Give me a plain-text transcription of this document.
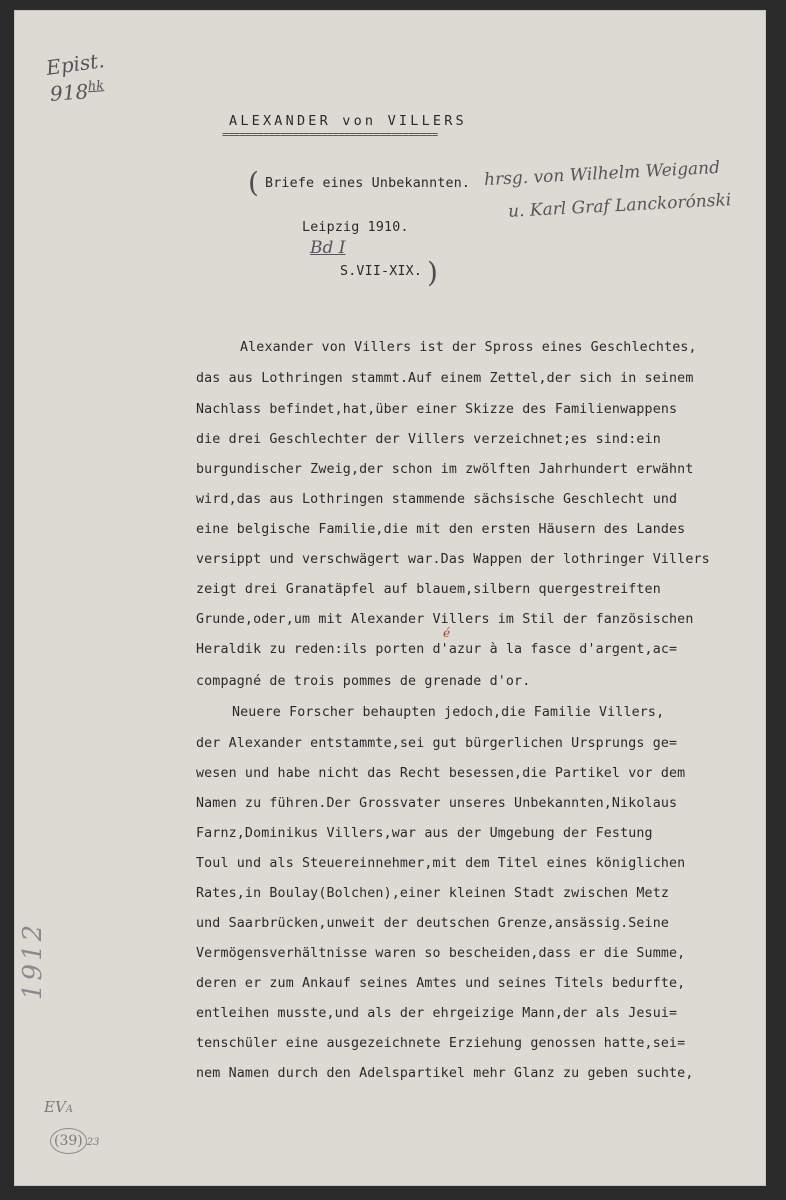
Epist.
$918^{hk}$
1912
EVA
(39) 23
ALEXANDER von VILLERS
=====================================
( Briefe eines Unbekannten. hrsg. von Wilhelm Weigand
u. Karl Graf Lanckorónski
Leipzig 1910.
Bd I
S.VII-XIX. )
Alexander von Villers ist der Spross eines Geschlechtes,
das aus Lothringen stammt.Auf einem Zettel,der sich in seinem
Nachlass befindet,hat,über einer Skizze des Familienwappens
die drei Geschlechter der Villers verzeichnet;es sind:ein
burgundischer Zweig,der schon im zwölften Jahrhundert erwähnt
wird,das aus Lothringen stammende sächsische Geschlecht und
eine belgische Familie,die mit den ersten Häusern des Landes
versippt und verschwägert war.Das Wappen der lothringer Villers
zeigt drei Granatäpfel auf blauem,silbern quergestreiften
Grunde,oder,um mit Alexander Villers im Stil der fanzösischen
é
Heraldik zu reden:ils porten d'azur à la fasce d'argent,ac=
compagné de trois pommes de grenade d'or.
Neuere Forscher behaupten jedoch,die Familie Villers,
der Alexander entstammte,sei gut bürgerlichen Ursprungs ge=
wesen und habe nicht das Recht besessen,die Partikel vor dem
Namen zu führen.Der Grossvater unseres Unbekannten,Nikolaus
Farnz,Dominikus Villers,war aus der Umgebung der Festung
Toul und als Steuereinnehmer,mit dem Titel eines königlichen
Rates,in Boulay(Bolchen),einer kleinen Stadt zwischen Metz
und Saarbrücken,unweit der deutschen Grenze,ansässig.Seine
Vermögensverhältnisse waren so bescheiden,dass er die Summe,
deren er zum Ankauf seines Amtes und seines Titels bedurfte,
entleihen musste,und als der ehrgeizige Mann,der als Jesui=
tenschüler eine ausgezeichnete Erziehung genossen hatte,sei=
nem Namen durch den Adelspartikel mehr Glanz zu geben suchte,
